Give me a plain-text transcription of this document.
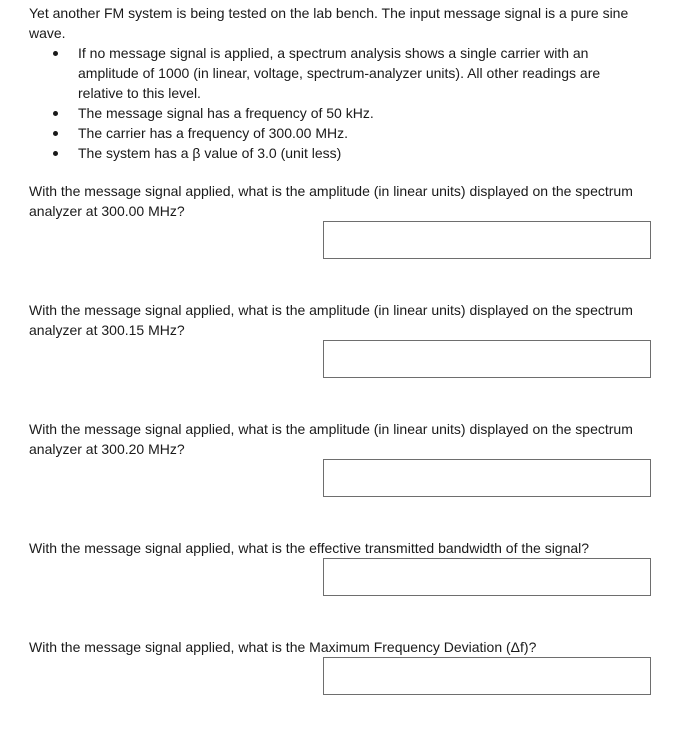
Yet another FM system is being tested on the lab bench. The input message signal is a pure sine wave.

If no message signal is applied, a spectrum analysis shows a single carrier with an amplitude of 1000 (in linear, voltage, spectrum-analyzer units). All other readings are relative to this level.
The message signal has a frequency of 50 kHz.
The carrier has a frequency of 300.00 MHz.
The system has a β value of 3.0 (unit less)

With the message signal applied, what is the amplitude (in linear units) displayed on the spectrum analyzer at 300.00 MHz?

With the message signal applied, what is the amplitude (in linear units) displayed on the spectrum analyzer at 300.15 MHz?

With the message signal applied, what is the amplitude (in linear units) displayed on the spectrum analyzer at 300.20 MHz?

With the message signal applied, what is the effective transmitted bandwidth of the signal?

With the message signal applied, what is the Maximum Frequency Deviation (Δf)?
